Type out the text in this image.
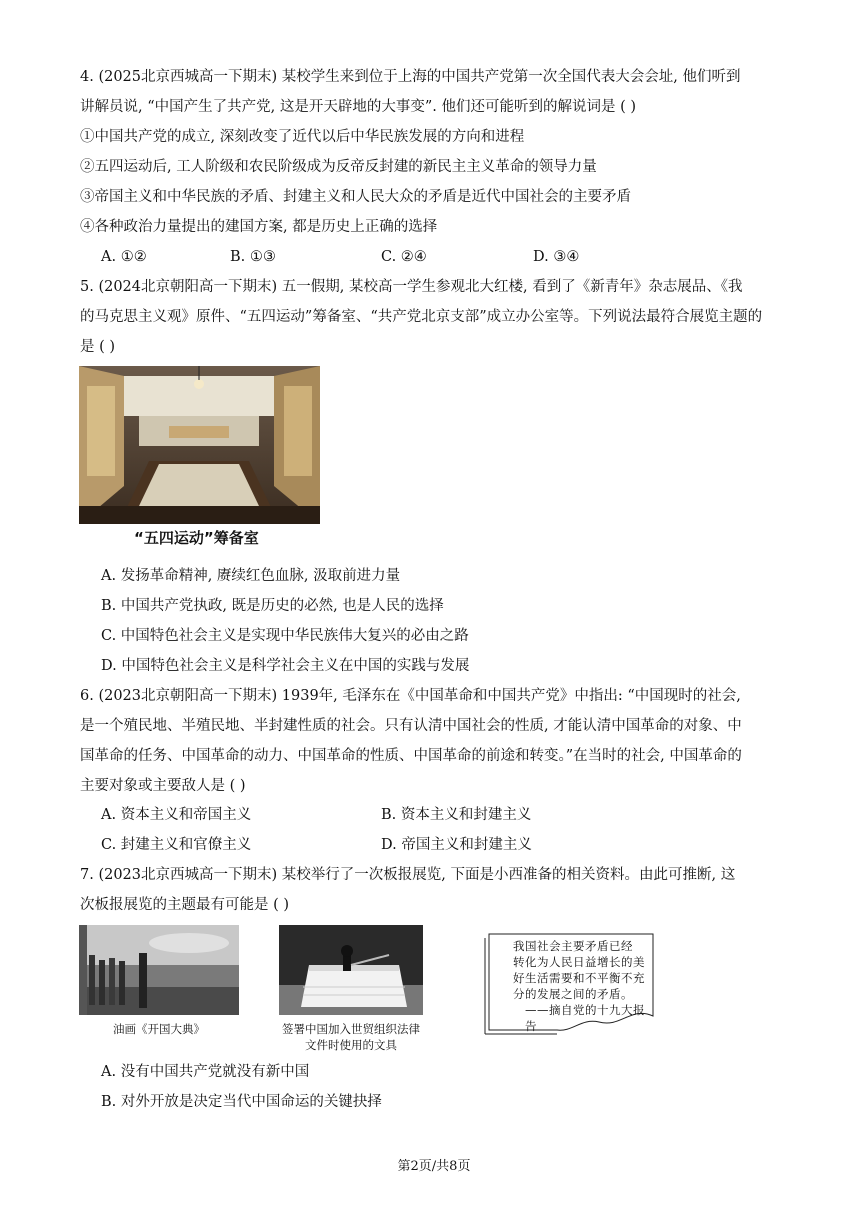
4. (2025北京西城高一下期末) 某校学生来到位于上海的中国共产党第一次全国代表大会会址, 他们听到
讲解员说, “中国产生了共产党, 这是开天辟地的大事变”. 他们还可能听到的解说词是 ( )
①中国共产党的成立, 深刻改变了近代以后中华民族发展的方向和进程
②五四运动后, 工人阶级和农民阶级成为反帝反封建的新民主主义革命的领导力量
③帝国主义和中华民族的矛盾、封建主义和人民大众的矛盾是近代中国社会的主要矛盾
④各种政治力量提出的建国方案, 都是历史上正确的选择
A. ①②	B. ①③	C. ②④	D. ③④
5. (2024北京朝阳高一下期末) 五一假期, 某校高一学生参观北大红楼, 看到了《新青年》杂志展品、《我
的马克思主义观》原件、“五四运动”筹备室、“共产党北京支部”成立办公室等。下列说法最符合展览主题的
是 ( )
“五四运动”筹备室
A. 发扬革命精神, 赓续红色血脉, 汲取前进力量
B. 中国共产党执政, 既是历史的必然, 也是人民的选择
C. 中国特色社会主义是实现中华民族伟大复兴的必由之路
D. 中国特色社会主义是科学社会主义在中国的实践与发展
6. (2023北京朝阳高一下期末) 1939年, 毛泽东在《中国革命和中国共产党》中指出: “中国现时的社会,
是一个殖民地、半殖民地、半封建性质的社会。只有认清中国社会的性质, 才能认清中国革命的对象、中
国革命的任务、中国革命的动力、中国革命的性质、中国革命的前途和转变。”在当时的社会, 中国革命的
主要对象或主要敌人是 ( )
A. 资本主义和帝国主义	B. 资本主义和封建主义
C. 封建主义和官僚主义	D. 帝国主义和封建主义
7. (2023北京西城高一下期末) 某校举行了一次板报展览, 下面是小西准备的相关资料。由此可推断, 这
次板报展览的主题最有可能是 ( )
油画《开国大典》	签署中国加入世贸组织法律
文件时使用的文具
我国社会主要矛盾已经
转化为人民日益增长的美
好生活需要和不平衡不充
分的发展之间的矛盾。
——摘自党的十九大报告
A. 没有中国共产党就没有新中国
B. 对外开放是决定当代中国命运的关键抉择
第2页/共8页
